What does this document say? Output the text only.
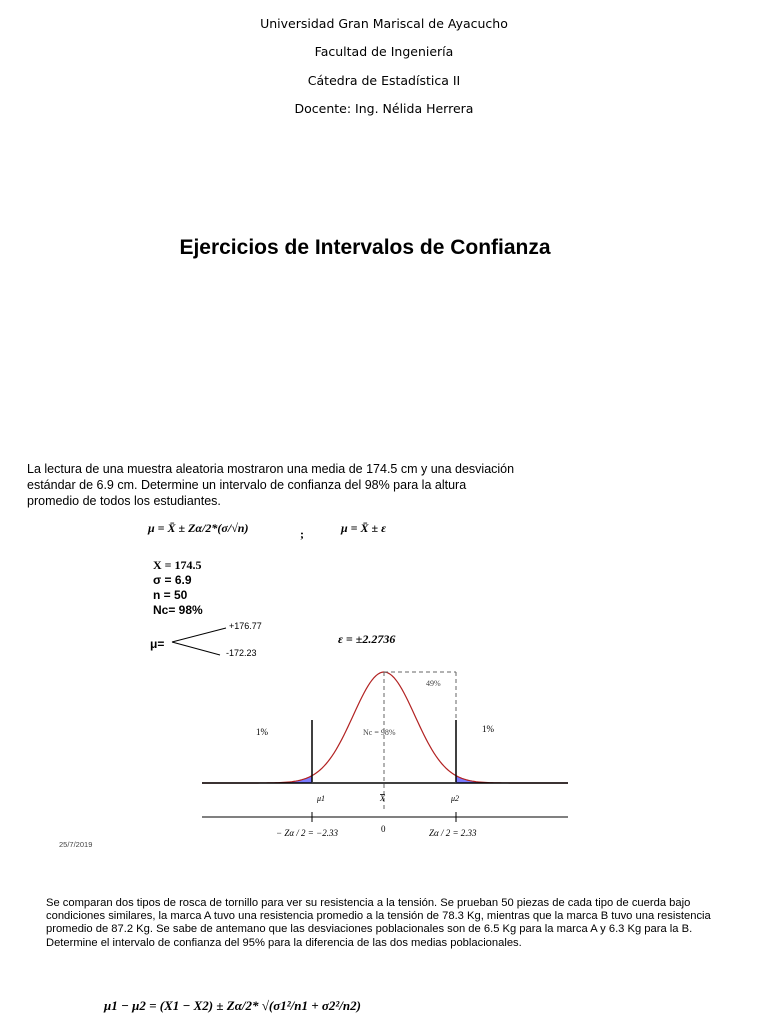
Universidad Gran Mariscal de Ayacucho
Facultad de Ingeniería
Cátedra de Estadística II
Docente: Ing. Nélida Herrera
Ejercicios de Intervalos de Confianza
La lectura de una muestra aleatoria mostraron una media de 174.5 cm y una desviación estándar de 6.9 cm. Determine un intervalo de confianza del 98% para la altura promedio de todos los estudiantes.
μ = X̄ ± Zα/2*(σ/√n)	;	μ = X̄ ± ε
X = 174.5
σ = 6.9
n = 50
Nc= 98%
μ=
+176.77
-172.23
ε = ±2.2736
1%	1%
Nc = 98%
49%
μ1	X	μ2
− Zα / 2 = −2.33	0	Zα / 2 = 2.33
25/7/2019
Se comparan dos tipos de rosca de tornillo para ver su resistencia a la tensión. Se prueban 50 piezas de cada tipo de cuerda bajo condiciones similares, la marca A tuvo una resistencia promedio a la tensión de 78.3 Kg, mientras que la marca B tuvo una resistencia promedio de 87.2 Kg. Se sabe de antemano que las desviaciones poblacionales son de 6.5 Kg para la marca A y 6.3 Kg para la B. Determine el intervalo de confianza del 95% para la diferencia de las dos medias poblacionales.
μ1 − μ2 = (X1 − X2) ± Zα/2* √(σ1²/n1 + σ2²/n2)
